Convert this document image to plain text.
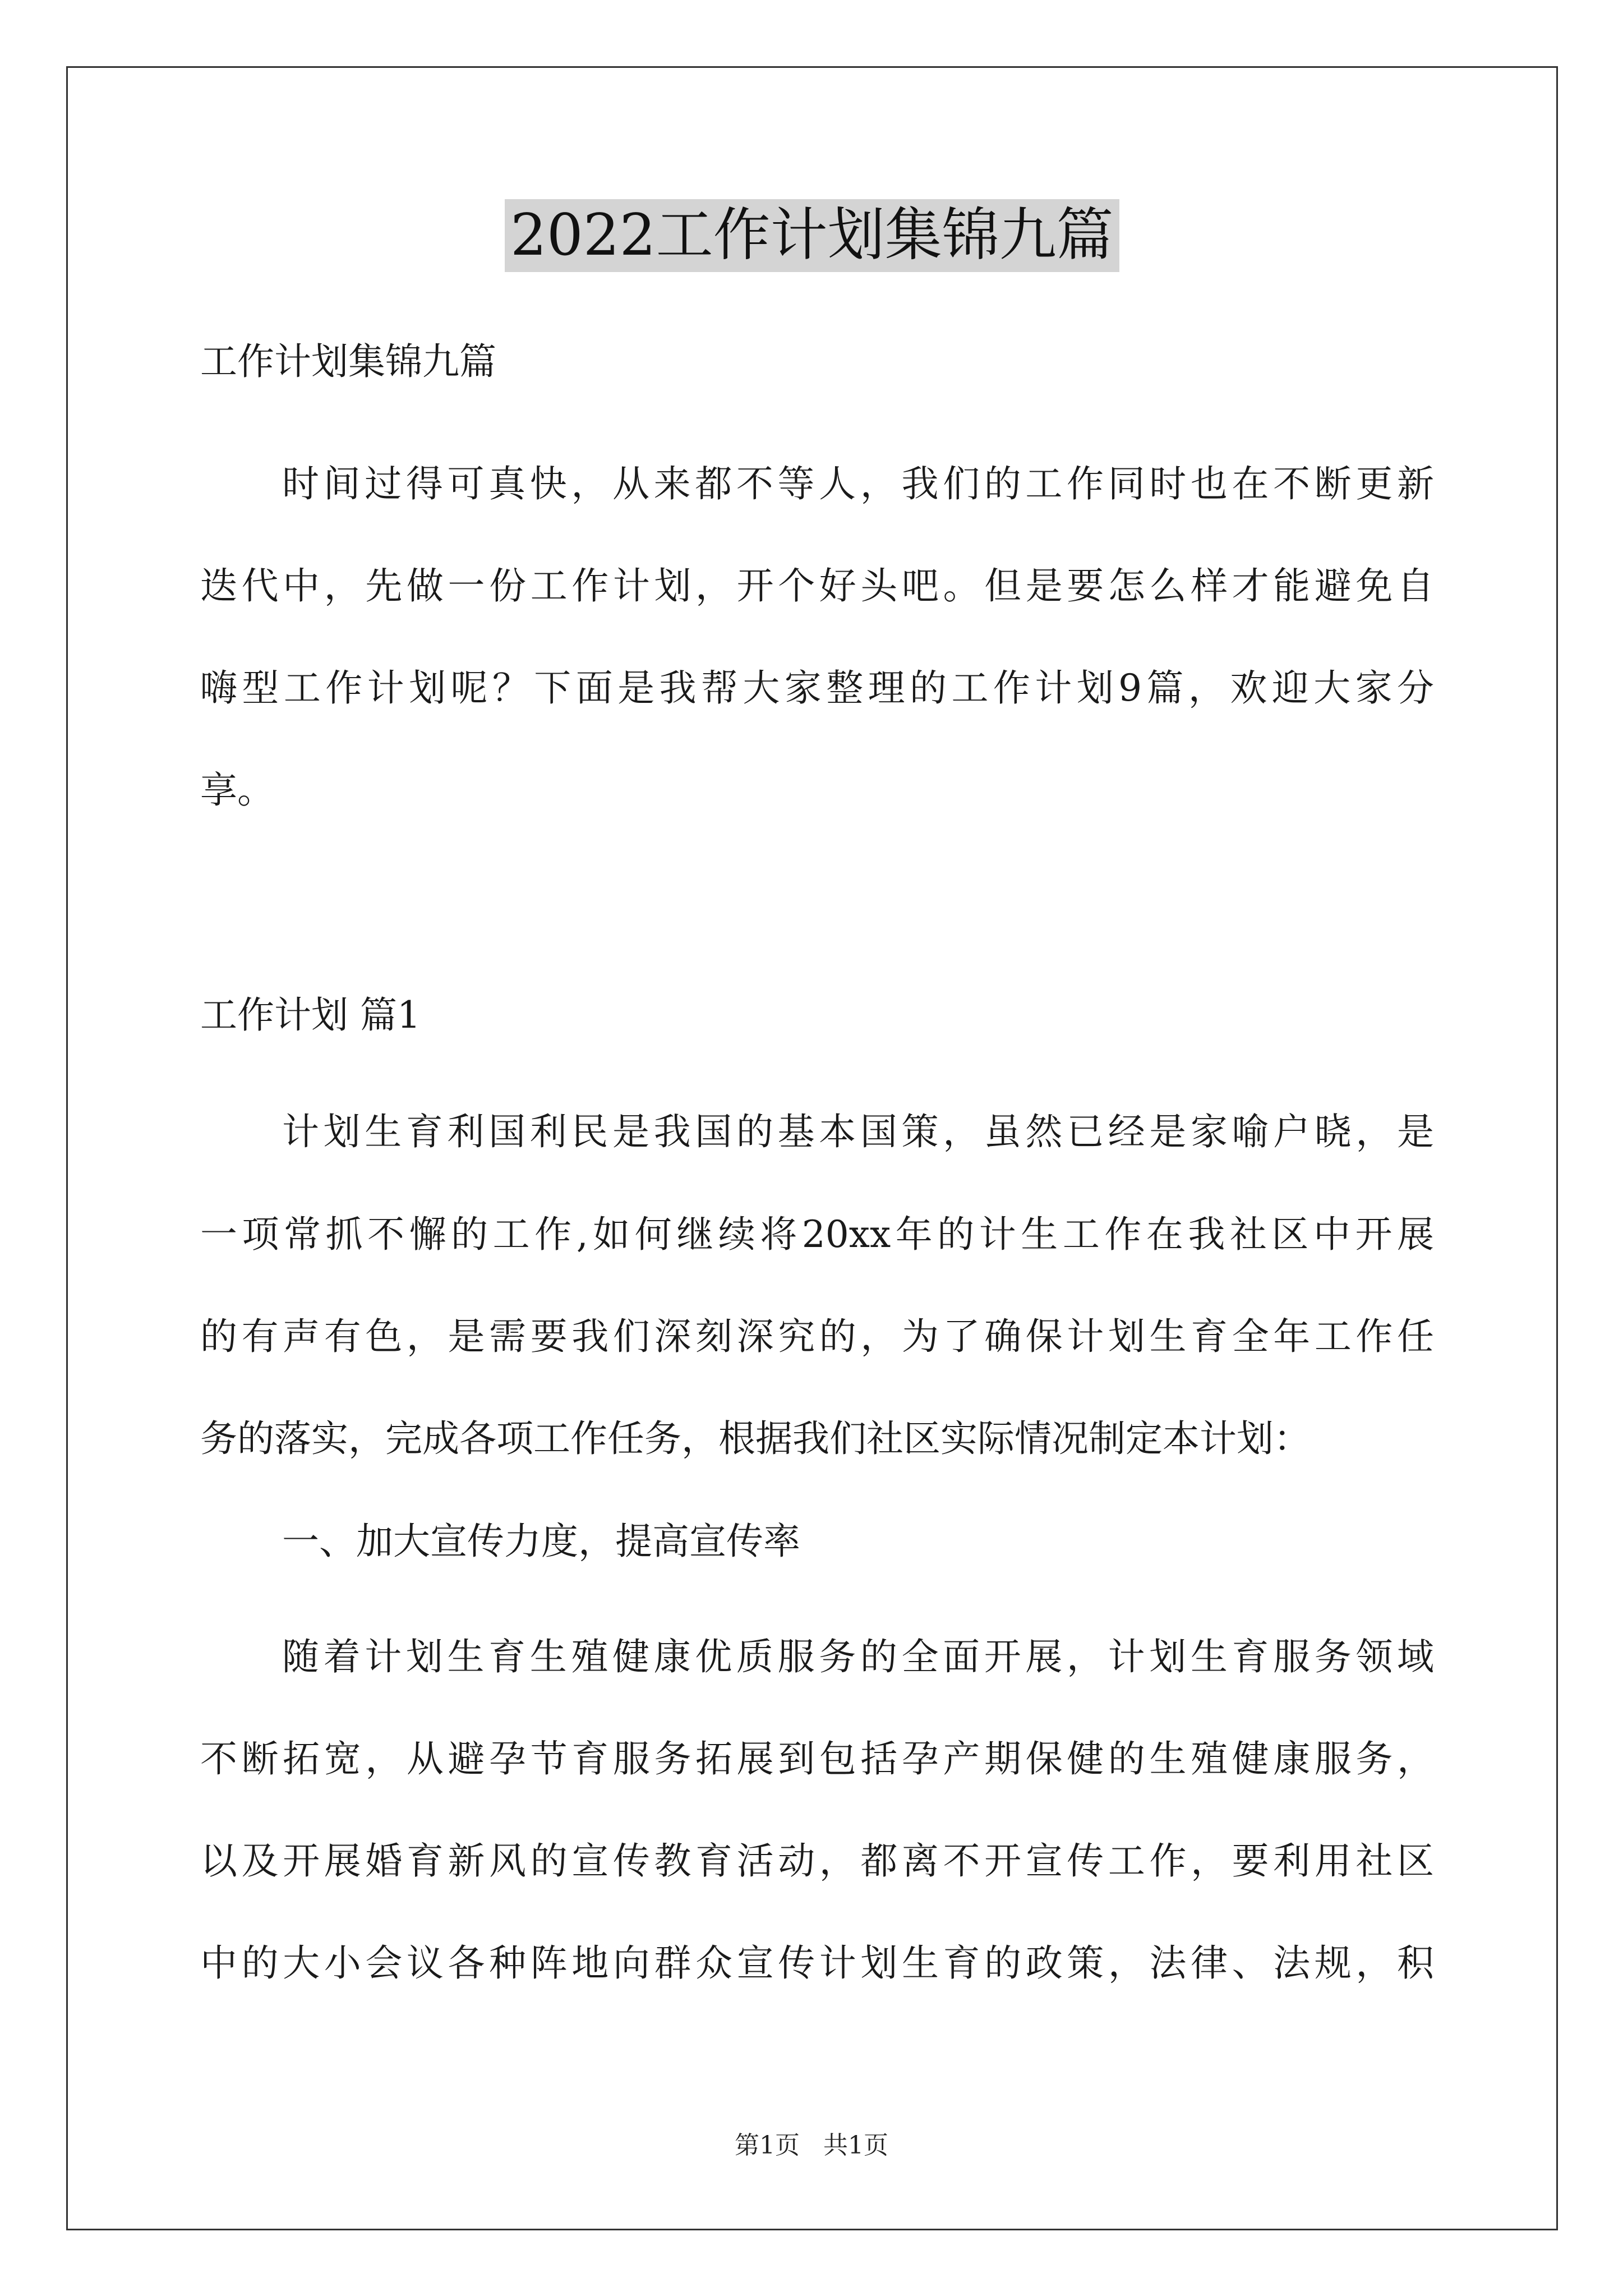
2022工作计划集锦九篇
工作计划集锦九篇
时间过得可真快，从来都不等人，我们的工作同时也在不断更新
迭代中，先做一份工作计划，开个好头吧。但是要怎么样才能避免自
嗨型工作计划呢？下面是我帮大家整理的工作计划9篇，欢迎大家分
享。
工作计划 篇1
计划生育利国利民是我国的基本国策，虽然已经是家喻户晓，是
一项常抓不懈的工作,如何继续将20xx年的计生工作在我社区中开展
的有声有色，是需要我们深刻深究的，为了确保计划生育全年工作任
务的落实，完成各项工作任务，根据我们社区实际情况制定本计划：
一、加大宣传力度，提高宣传率
随着计划生育生殖健康优质服务的全面开展，计划生育服务领域
不断拓宽，从避孕节育服务拓展到包括孕产期保健的生殖健康服务，
以及开展婚育新风的宣传教育活动，都离不开宣传工作，要利用社区
中的大小会议各种阵地向群众宣传计划生育的政策，法律、法规，积
第1页   共1页
